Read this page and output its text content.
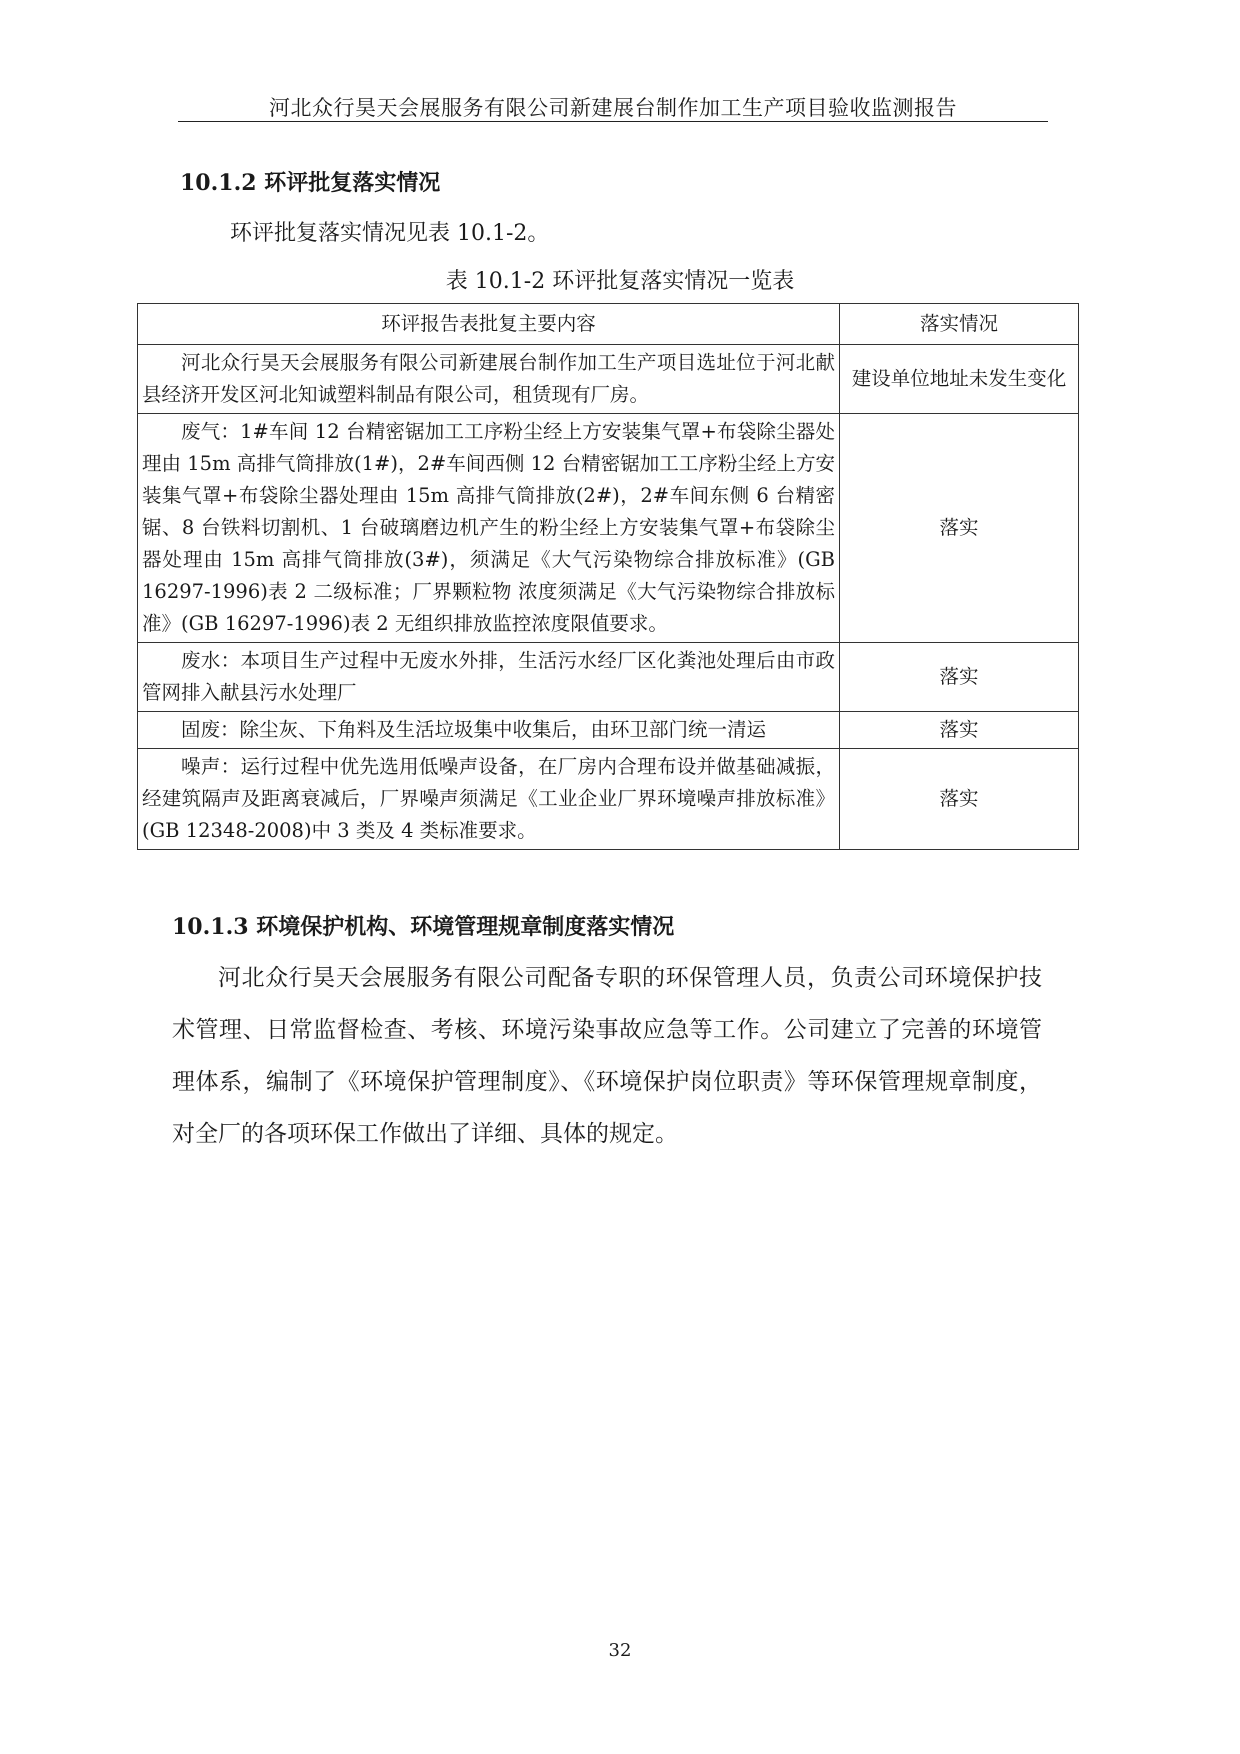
河北众行昊天会展服务有限公司新建展台制作加工生产项目验收监测报告
10.1.2 环评批复落实情况
环评批复落实情况见表 10.1-2。
表 10.1-2 环评批复落实情况一览表
环评报告表批复主要内容	落实情况

河北众行昊天会展服务有限公司新建展台制作加工生产项目选址位于河北献县经济开发区河北知诚塑料制品有限公司，租赁现有厂房。	建设单位地址未发生变化

废气：1#车间 12 台精密锯加工工序粉尘经上方安装集气罩+布袋除尘器处理由 15m 高排气筒排放(1#)，2#车间西侧 12 台精密锯加工工序粉尘经上方安装集气罩+布袋除尘器处理由 15m 高排气筒排放(2#)，2#车间东侧 6 台精密锯、8 台铁料切割机、1 台破璃磨边机产生的粉尘经上方安装集气罩+布袋除尘器处理由 15m 高排气筒排放(3#)，须满足《大气污染物综合排放标准》(GB 16297-1996)表 2 二级标准；厂界颗粒物 浓度须满足《大气污染物综合排放标准》(GB 16297-1996)表 2 无组织排放监控浓度限值要求。	落实

废水：本项目生产过程中无废水外排，生活污水经厂区化粪池处理后由市政管网排入献县污水处理厂	落实

固废：除尘灰、下角料及生活垃圾集中收集后，由环卫部门统一清运	落实

噪声：运行过程中优先选用低噪声设备，在厂房内合理布设并做基础减振，经建筑隔声及距离衰减后，厂界噪声须满足《工业企业厂界环境噪声排放标准》(GB 12348-2008)中 3 类及 4 类标准要求。	落实
10.1.3 环境保护机构、环境管理规章制度落实情况
河北众行昊天会展服务有限公司配备专职的环保管理人员，负责公司环境保护技术管理、日常监督检查、考核、环境污染事故应急等工作。公司建立了完善的环境管理体系，编制了《环境保护管理制度》、《环境保护岗位职责》等环保管理规章制度，对全厂的各项环保工作做出了详细、具体的规定。
32
